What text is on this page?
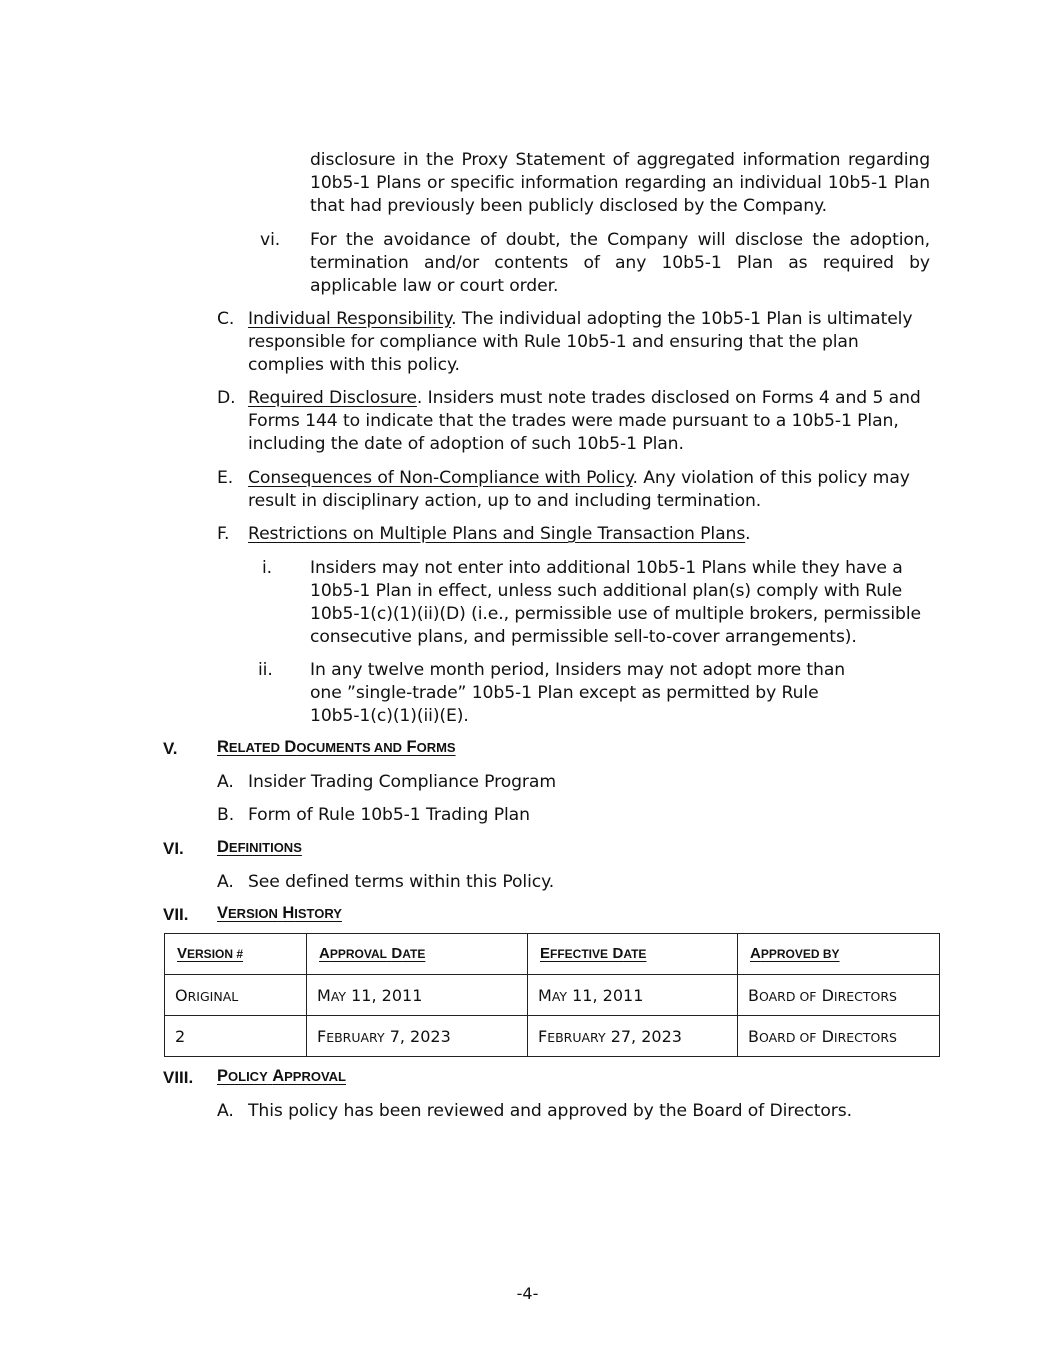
disclosure in the Proxy Statement of aggregated information regarding 10b5-1 Plans or specific information regarding an individual 10b5-1 Plan that had previously been publicly disclosed by the Company.
vi. For the avoidance of doubt, the Company will disclose the adoption, termination and/or contents of any 10b5-1 Plan as required by applicable law or court order.
C. Individual Responsibility. The individual adopting the 10b5-1 Plan is ultimately responsible for compliance with Rule 10b5-1 and ensuring that the plan complies with this policy.
D. Required Disclosure. Insiders must note trades disclosed on Forms 4 and 5 and Forms 144 to indicate that the trades were made pursuant to a 10b5-1 Plan, including the date of adoption of such 10b5-1 Plan.
E. Consequences of Non-Compliance with Policy. Any violation of this policy may result in disciplinary action, up to and including termination.
F. Restrictions on Multiple Plans and Single Transaction Plans.
i. Insiders may not enter into additional 10b5-1 Plans while they have a 10b5-1 Plan in effect, unless such additional plan(s) comply with Rule 10b5-1(c)(1)(ii)(D) (i.e., permissible use of multiple brokers, permissible consecutive plans, and permissible sell-to-cover arrangements).
ii. In any twelve month period, Insiders may not adopt more than one ”single-trade” 10b5-1 Plan except as permitted by Rule 10b5-1(c)(1)(ii)(E).
V. RELATED DOCUMENTS AND FORMS
A. Insider Trading Compliance Program
B. Form of Rule 10b5-1 Trading Plan
VI. DEFINITIONS
A. See defined terms within this Policy.
VII. VERSION HISTORY
VERSION #	APPROVAL DATE	EFFECTIVE DATE	APPROVED BY
ORIGINAL	MAY 11, 2011	MAY 11, 2011	BOARD OF DIRECTORS
2	FEBRUARY 7, 2023	FEBRUARY 27, 2023	BOARD OF DIRECTORS
VIII. POLICY APPROVAL
A. This policy has been reviewed and approved by the Board of Directors.
-4-
